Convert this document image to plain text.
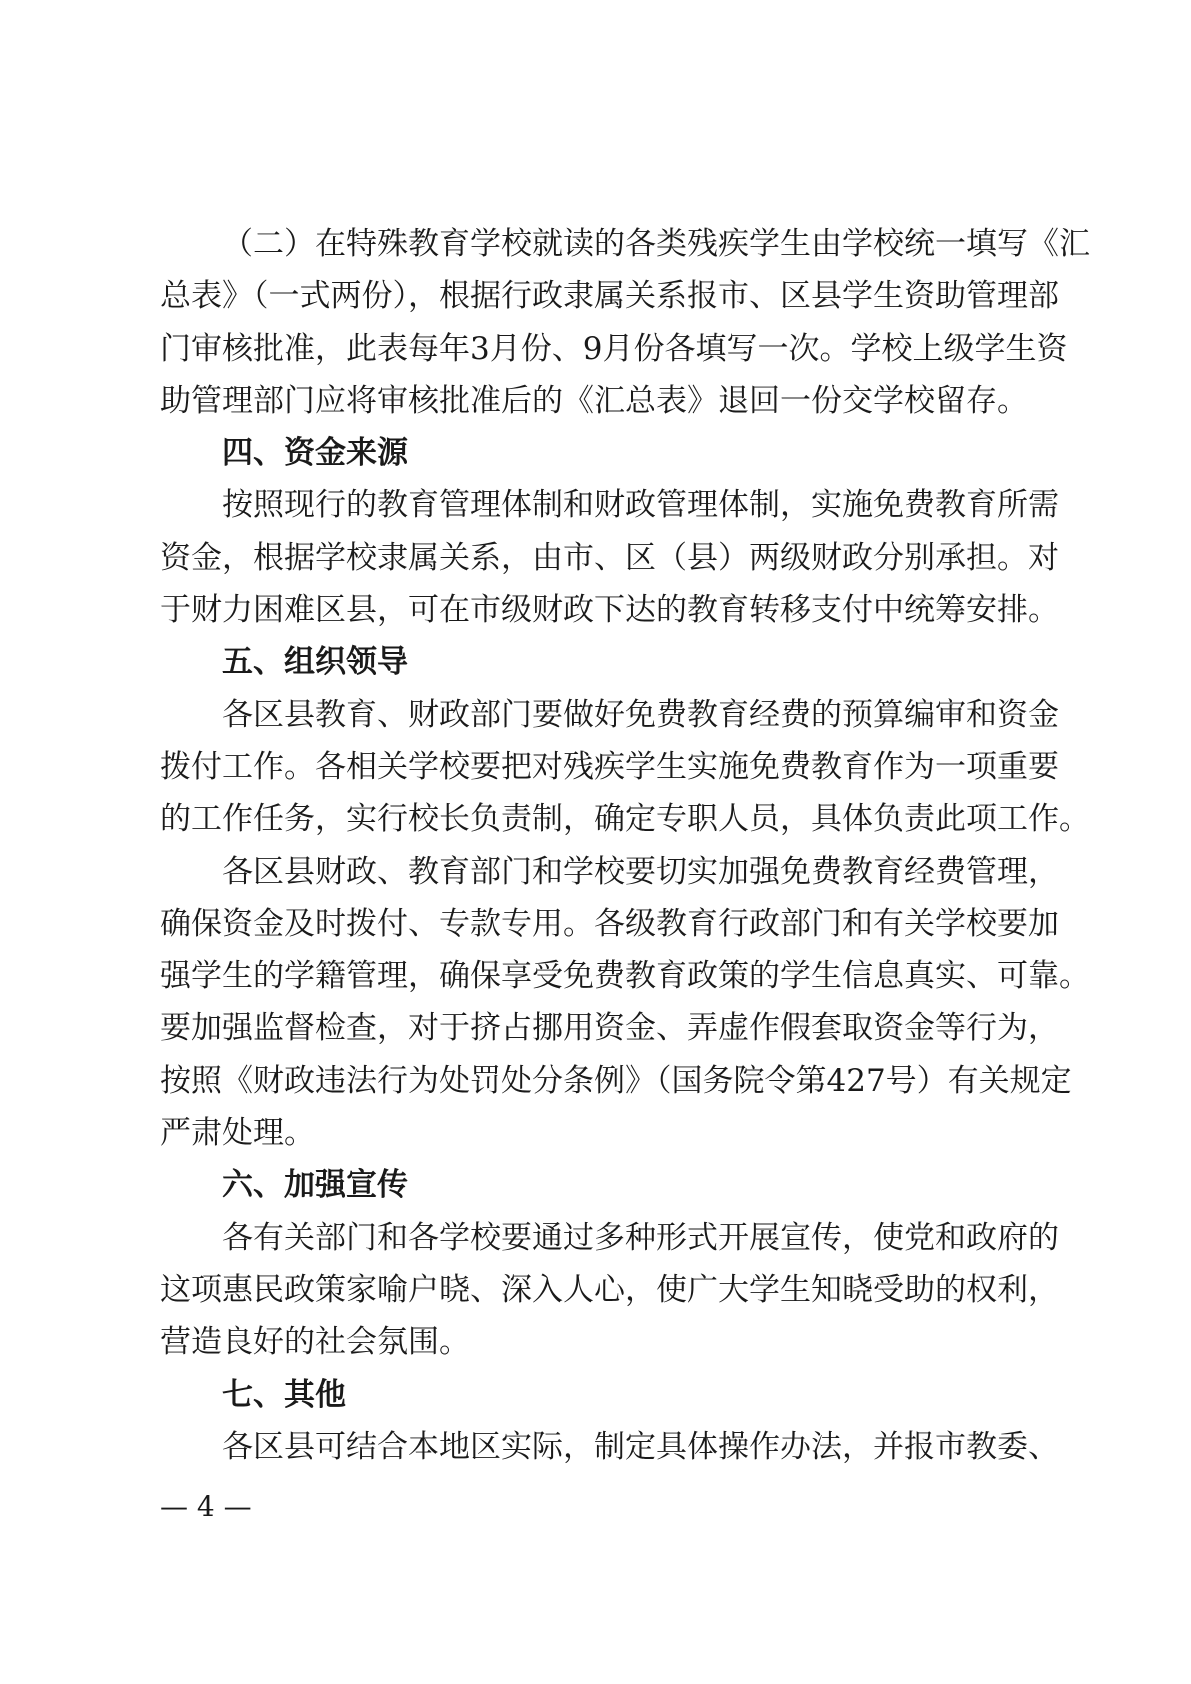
（二）在特殊教育学校就读的各类残疾学生由学校统一填写《汇
总表》（一式两份），根据行政隶属关系报市、区县学生资助管理部
门审核批准，此表每年3月份、9月份各填写一次。学校上级学生资
助管理部门应将审核批准后的《汇总表》退回一份交学校留存。
四、资金来源
按照现行的教育管理体制和财政管理体制，实施免费教育所需
资金，根据学校隶属关系，由市、区（县）两级财政分别承担。对
于财力困难区县，可在市级财政下达的教育转移支付中统筹安排。
五、组织领导
各区县教育、财政部门要做好免费教育经费的预算编审和资金
拨付工作。各相关学校要把对残疾学生实施免费教育作为一项重要
的工作任务，实行校长负责制，确定专职人员，具体负责此项工作。
各区县财政、教育部门和学校要切实加强免费教育经费管理，
确保资金及时拨付、专款专用。各级教育行政部门和有关学校要加
强学生的学籍管理，确保享受免费教育政策的学生信息真实、可靠。
要加强监督检查，对于挤占挪用资金、弄虚作假套取资金等行为，
按照《财政违法行为处罚处分条例》（国务院令第427号）有关规定
严肃处理。
六、加强宣传
各有关部门和各学校要通过多种形式开展宣传，使党和政府的
这项惠民政策家喻户晓、深入人心，使广大学生知晓受助的权利，
营造良好的社会氛围。
七、其他
各区县可结合本地区实际，制定具体操作办法，并报市教委、
— 4 —
